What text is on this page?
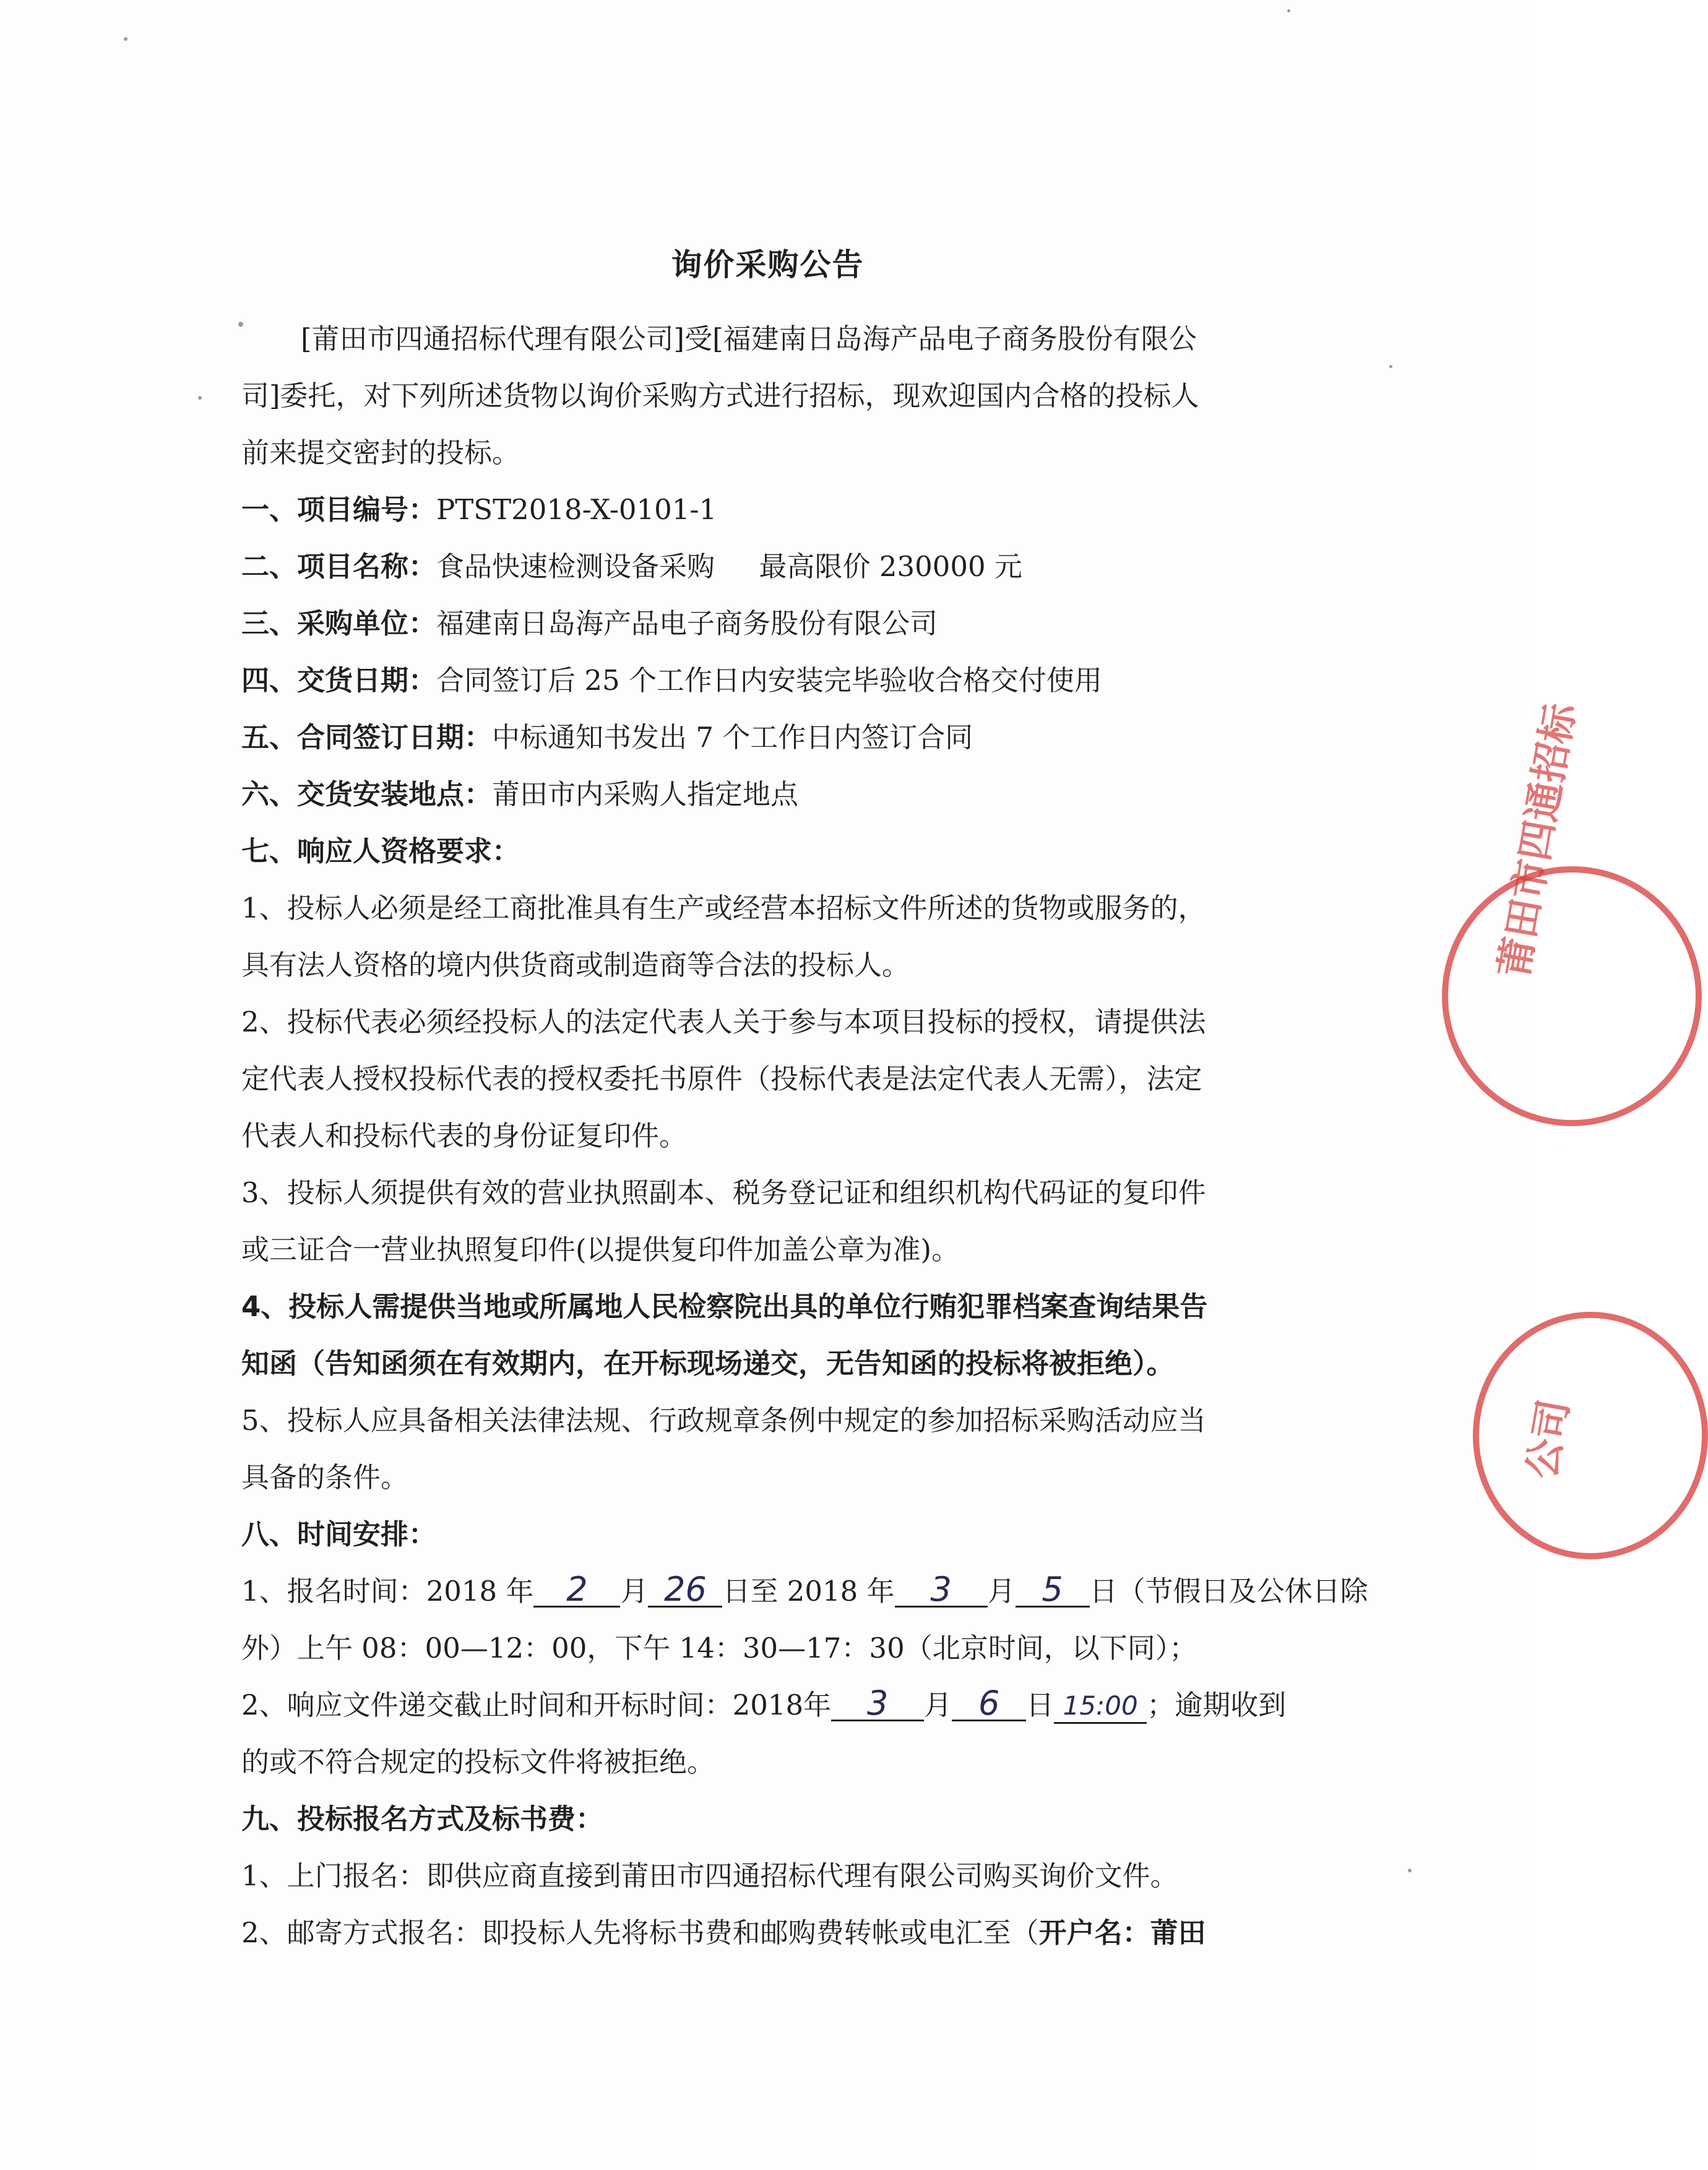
莆田市四通招标
公司
询价采购公告
[莆田市四通招标代理有限公司]受[福建南日岛海产品电子商务股份有限公
司]委托，对下列所述货物以询价采购方式进行招标，现欢迎国内合格的投标人
前来提交密封的投标。
一、项目编号：PTST2018-X-0101-1
二、项目名称：食品快速检测设备采购     最高限价 230000 元
三、采购单位：福建南日岛海产品电子商务股份有限公司
四、交货日期：合同签订后 25 个工作日内安装完毕验收合格交付使用
五、合同签订日期：中标通知书发出 7 个工作日内签订合同
六、交货安装地点：莆田市内采购人指定地点
七、响应人资格要求：
1、投标人必须是经工商批准具有生产或经营本招标文件所述的货物或服务的，
具有法人资格的境内供货商或制造商等合法的投标人。
2、投标代表必须经投标人的法定代表人关于参与本项目投标的授权，请提供法
定代表人授权投标代表的授权委托书原件（投标代表是法定代表人无需），法定
代表人和投标代表的身份证复印件。
3、投标人须提供有效的营业执照副本、税务登记证和组织机构代码证的复印件
或三证合一营业执照复印件(以提供复印件加盖公章为准)。
4、投标人需提供当地或所属地人民检察院出具的单位行贿犯罪档案查询结果告
知函（告知函须在有效期内，在开标现场递交，无告知函的投标将被拒绝）。
5、投标人应具备相关法律法规、行政规章条例中规定的参加招标采购活动应当
具备的条件。
八、时间安排：
1、报名时间：2018 年 2 月 26 日至 2018 年 3 月 5 日（节假日及公休日除
外）上午 08：00—12：00，下午 14：30—17：30（北京时间，以下同）；
2、响应文件递交截止时间和开标时间：2018年 3 月 6 日 15:00 ；逾期收到
的或不符合规定的投标文件将被拒绝。
九、投标报名方式及标书费：
1、上门报名：即供应商直接到莆田市四通招标代理有限公司购买询价文件。
2、邮寄方式报名：即投标人先将标书费和邮购费转帐或电汇至（开户名：莆田
